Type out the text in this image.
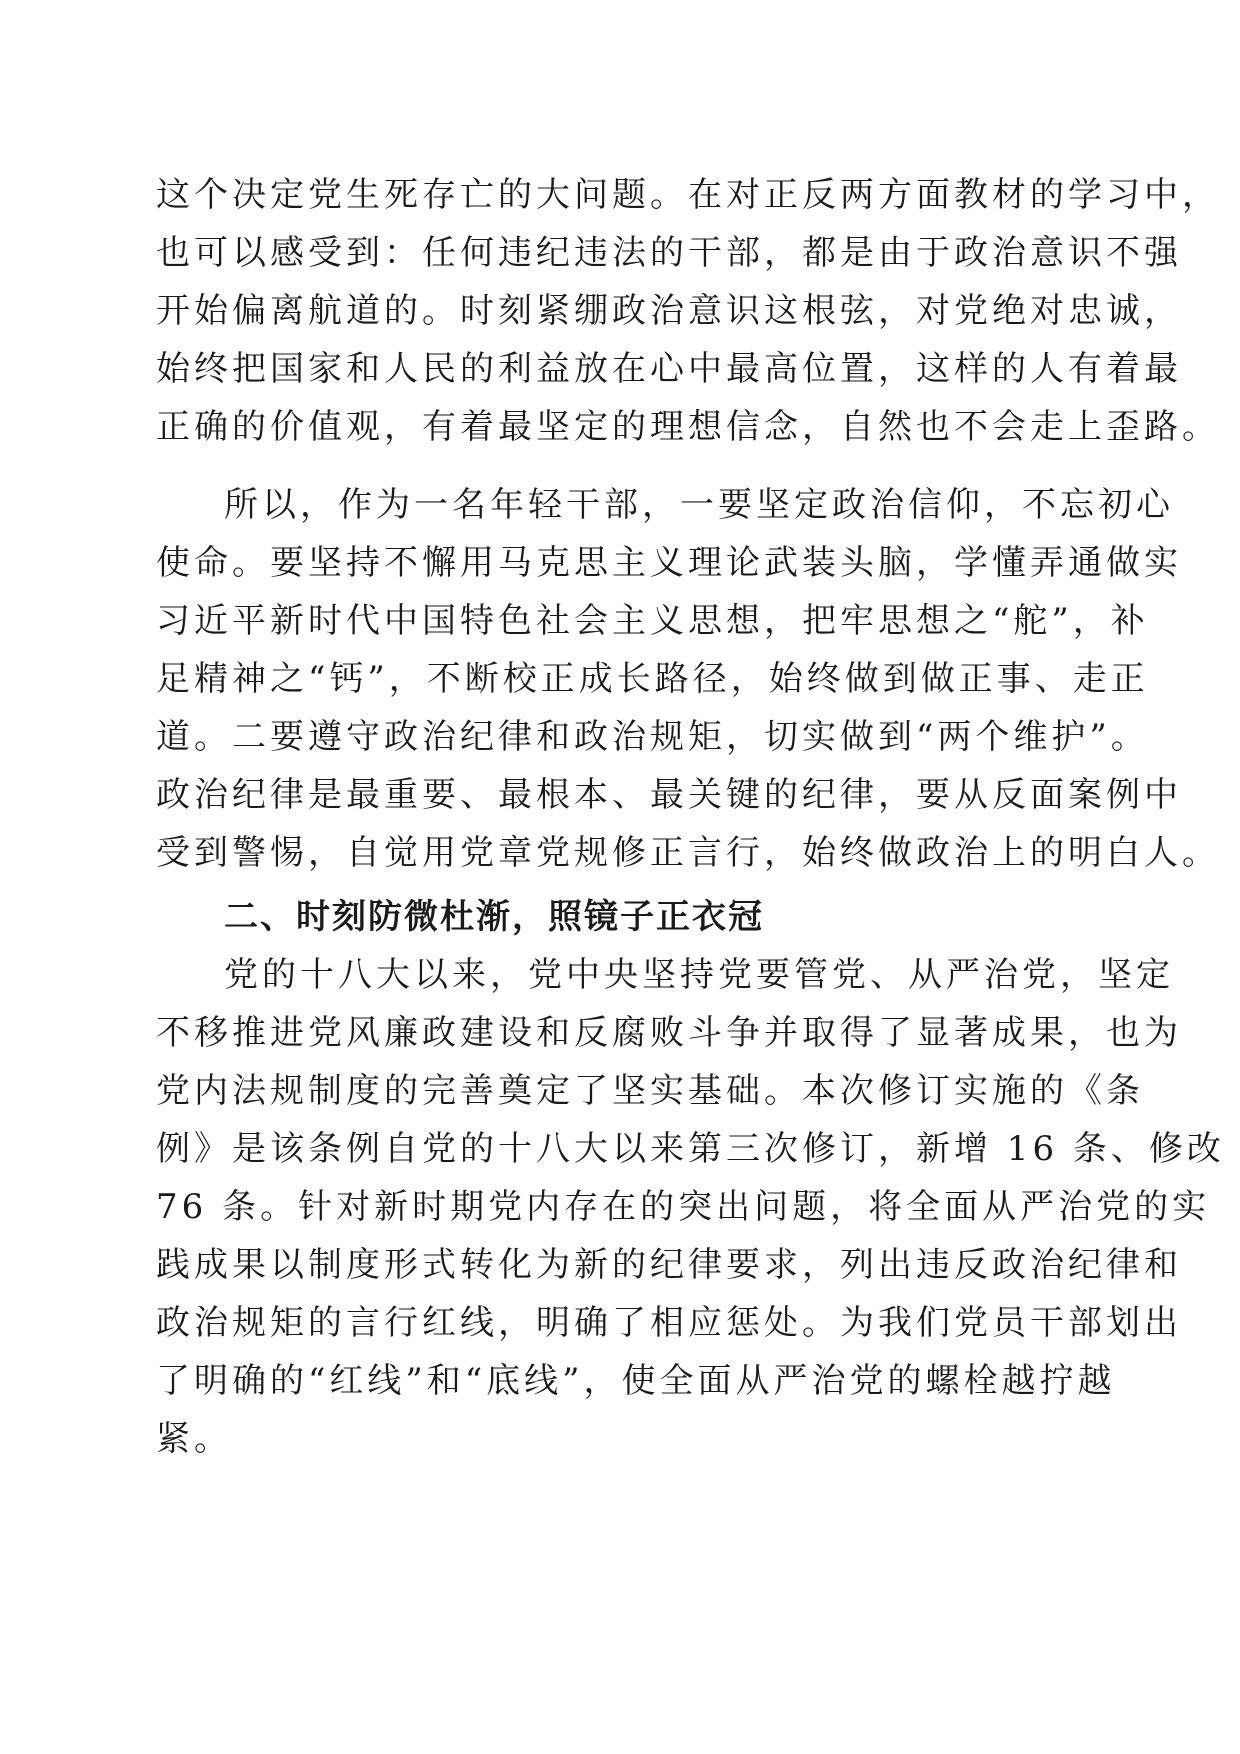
这个决定党生死存亡的大问题。在对正反两方面教材的学习中，
也可以感受到：任何违纪违法的干部，都是由于政治意识不强
开始偏离航道的。时刻紧绷政治意识这根弦，对党绝对忠诚，
始终把国家和人民的利益放在心中最高位置，这样的人有着最
正确的价值观，有着最坚定的理想信念，自然也不会走上歪路。
所以，作为一名年轻干部，一要坚定政治信仰，不忘初心
使命。要坚持不懈用马克思主义理论武装头脑，学懂弄通做实
习近平新时代中国特色社会主义思想，把牢思想之“舵”，补
足精神之“钙”，不断校正成长路径，始终做到做正事、走正
道。二要遵守政治纪律和政治规矩，切实做到“两个维护”。
政治纪律是最重要、最根本、最关键的纪律，要从反面案例中
受到警惕，自觉用党章党规修正言行，始终做政治上的明白人。
二、时刻防微杜渐，照镜子正衣冠
党的十八大以来，党中央坚持党要管党、从严治党，坚定
不移推进党风廉政建设和反腐败斗争并取得了显著成果，也为
党内法规制度的完善奠定了坚实基础。本次修订实施的《条
例》是该条例自党的十八大以来第三次修订，新增 16 条、修改
76 条。针对新时期党内存在的突出问题，将全面从严治党的实
践成果以制度形式转化为新的纪律要求，列出违反政治纪律和
政治规矩的言行红线，明确了相应惩处。为我们党员干部划出
了明确的“红线”和“底线”，使全面从严治党的螺栓越拧越
紧。
